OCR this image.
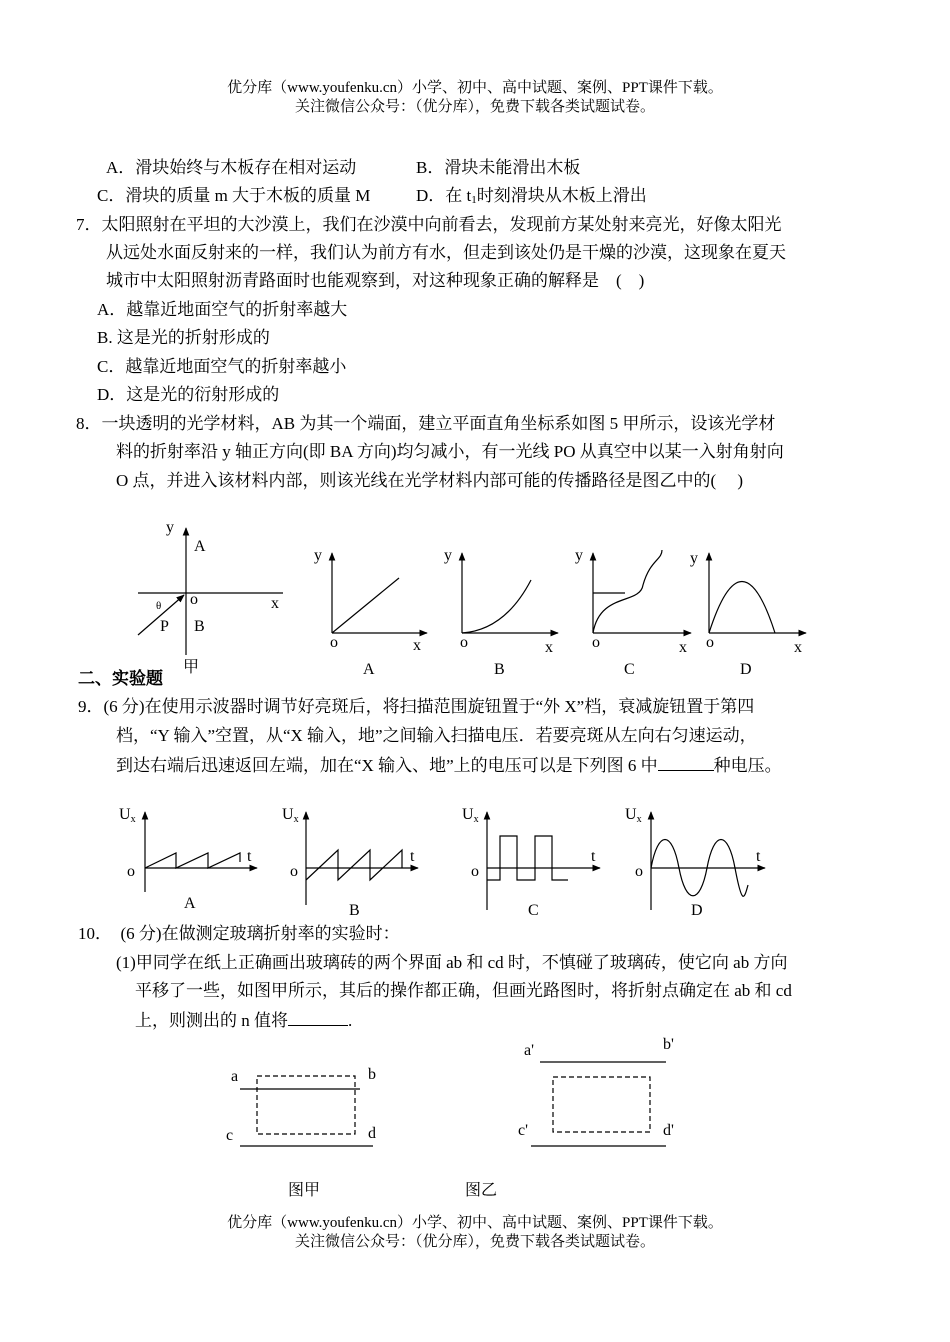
优分库（www.youfenku.cn）小学、初中、高中试题、案例、PPT课件下载。
关注微信公众号：（优分库），免费下载各类试题试卷。
A．滑块始终与木板存在相对运动	B．滑块未能滑出木板
C．滑块的质量 m 大于木板的质量 M	D．在 $t_1$时刻滑块从木板上滑出
7．太阳照射在平坦的大沙漠上，我们在沙漠中向前看去，发现前方某处射来亮光，好像太阳光
从远处水面反射来的一样，我们认为前方有水，但走到该处仍是干燥的沙漠，这现象在夏天
城市中太阳照射沥青路面时也能观察到，对这种现象正确的解释是　(　)
A．越靠近地面空气的折射率越大
B. 这是光的折射形成的
C．越靠近地面空气的折射率越小
D．这是光的衍射形成的
8．一块透明的光学材料，AB 为其一个端面，建立平面直角坐标系如图 5 甲所示，设该光学材
料的折射率沿 y 轴正方向(即 BA 方向)均匀减小，有一光线 PO 从真空中以某一入射角射向
O 点，并进入该材料内部，则该光线在光学材料内部可能的传播路径是图乙中的(　 )
y
A
o	x
θ
P B
甲
y
o	x
A
y
o	x
B
y
o	x
C
y
o	x
D
二、实验题
9．(6 分)在使用示波器时调节好亮斑后，将扫描范围旋钮置于“外 X”档，衰减旋钮置于第四
档，“Y 输入”空置，从“X 输入，地”之间输入扫描电压．若要亮斑从左向右匀速运动，
到达右端后迅速返回左端，加在“X 输入、地”上的电压可以是下列图 6 中	种电压。
Ux
o
t
A
Ux
o
t
B
Ux
o
t
C
Ux
o
t
D
10．　(6 分)在做测定玻璃折射率的实验时：
(1)甲同学在纸上正确画出玻璃砖的两个界面 ab 和 cd 时，不慎碰了玻璃砖，使它向 ab 方向
平移了一些，如图甲所示，其后的操作都正确，但画光路图时，将折射点确定在 ab 和 cd
上，则测出的 n 值将	.
a	b
c	d
a'	b'
c'	d'
图甲	图乙
优分库（www.youfenku.cn）小学、初中、高中试题、案例、PPT课件下载。
关注微信公众号：（优分库），免费下载各类试题试卷。
